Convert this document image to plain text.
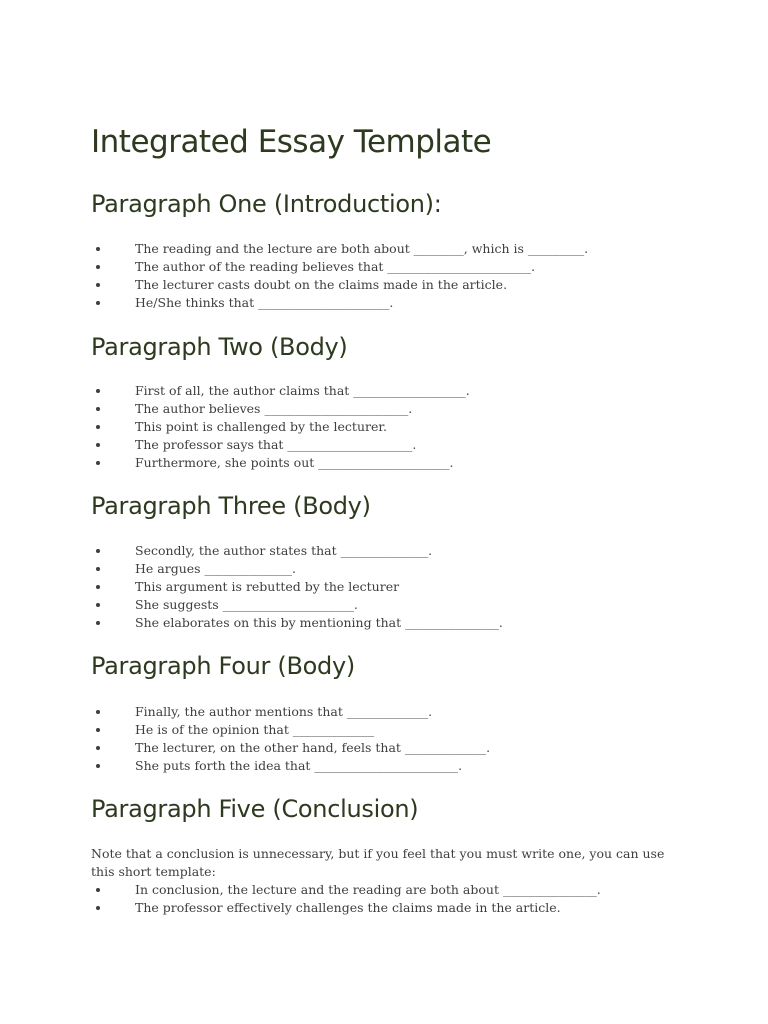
Integrated Essay Template
Paragraph One (Introduction):
The reading and the lecture are both about ________, which is _________.
The author of the reading believes that _______________________.
The lecturer casts doubt on the claims made in the article.
He/She thinks that _____________________.
Paragraph Two (Body)
First of all, the author claims that __________________.
The author believes _______________________.
This point is challenged by the lecturer.
The professor says that ____________________.
Furthermore, she points out _____________________.
Paragraph Three (Body)
Secondly, the author states that ______________.
He argues ______________.
This argument is rebutted by the lecturer
She suggests _____________________.
She elaborates on this by mentioning that _______________.
Paragraph Four (Body)
Finally, the author mentions that _____________.
He is of the opinion that _____________
The lecturer, on the other hand, feels that _____________.
She puts forth the idea that _______________________.
Paragraph Five (Conclusion)

Note that a conclusion is unnecessary, but if you feel that you must write one, you can use this short template:

In conclusion, the lecture and the reading are both about _______________.
The professor effectively challenges the claims made in the article.
